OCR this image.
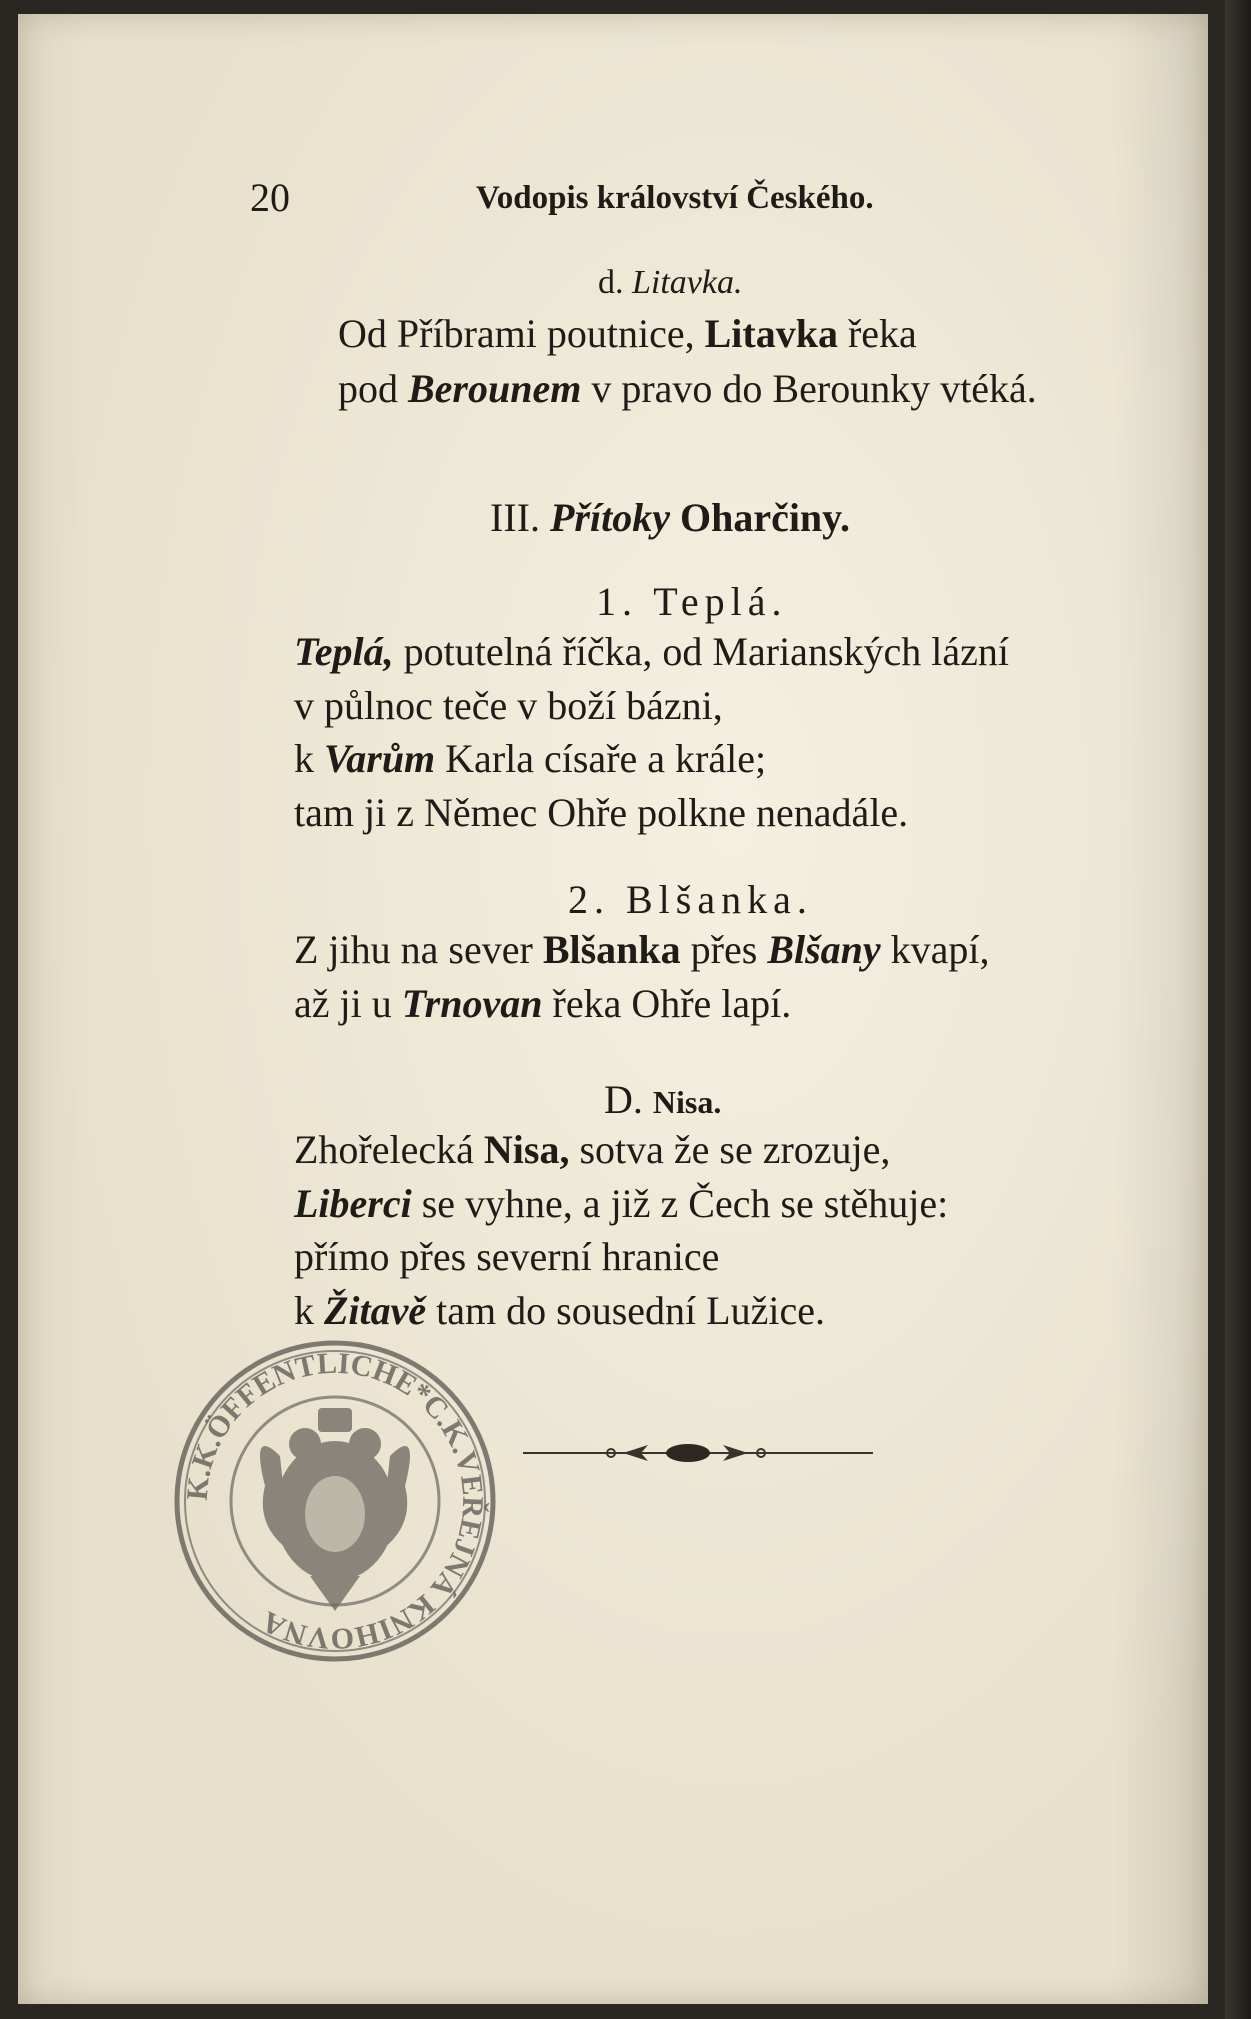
20	Vodopis království Českého.
d. Litavka.
Od Příbrami poutnice, Litavka řeka
pod Berounem v pravo do Berounky vtéká.
III. Přítoky Oharčiny.
1. Teplá.
Teplá, potutelná říčka, od Marianských lázní
v půlnoc teče v boží bázni,
k Varům Karla císaře a krále;
tam ji z Němec Ohře polkne nenadále.
2. Blšanka.
Z jihu na sever Blšanka přes Blšany kvapí,
až ji u Trnovan řeka Ohře lapí.
D. Nisa.
Zhořelecká Nisa, sotva že se zrozuje,
Liberci se vyhne, a již z Čech se stěhuje:
přímo přes severní hranice
k Žitavě tam do sousední Lužice.
K.K.ÖFFENTLICHE*C.K.VEŘEJNÁ KNIHOVNA
